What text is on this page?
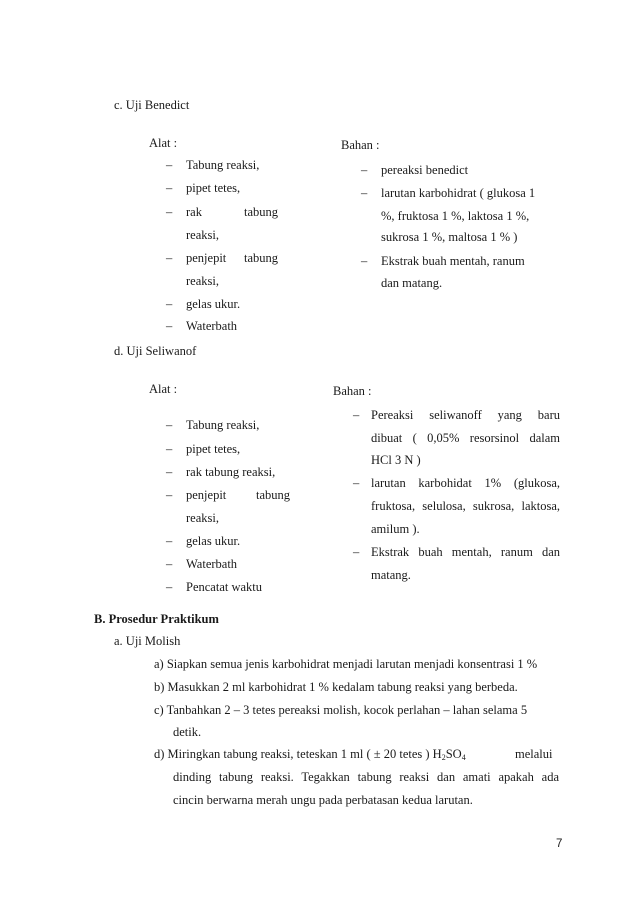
c. Uji Benedict
Alat :	Bahan :
– Tabung reaksi,
– pipet tetes,
– rak	tabung
reaksi,
– penjepit tabung
reaksi,
– gelas ukur.
– Waterbath
– pereaksi benedict
– larutan karbohidrat ( glukosa 1
%, fruktosa 1 %, laktosa 1 %,
sukrosa 1 %, maltosa 1 % )
– Ekstrak buah mentah, ranum
dan matang.
d. Uji Seliwanof
Alat :	Bahan :
– Tabung reaksi,
– pipet tetes,
– rak tabung reaksi,
– penjepit tabung
reaksi,
– gelas ukur.
– Waterbath
– Pencatat waktu
– Pereaksi seliwanoff yang baru
dibuat ( 0,05% resorsinol dalam
HCl 3 N )
– larutan karbohidat 1% (glukosa,
fruktosa, selulosa, sukrosa, laktosa,
amilum ).
– Ekstrak buah mentah, ranum dan
matang.
B. Prosedur Praktikum
a. Uji Molish
a) Siapkan semua jenis karbohidrat menjadi larutan menjadi konsentrasi 1 %
b) Masukkan 2 ml karbohidrat 1 % kedalam tabung reaksi yang berbeda.
c) Tanbahkan 2 – 3 tetes pereaksi molish, kocok perlahan – lahan selama 5
detik.
d) Miringkan tabung reaksi, teteskan 1 ml ( ± 20 tetes ) $H_2SO_4$	melalui
dinding tabung reaksi. Tegakkan tabung reaksi dan amati apakah ada
cincin berwarna merah ungu pada perbatasan kedua larutan.
7
